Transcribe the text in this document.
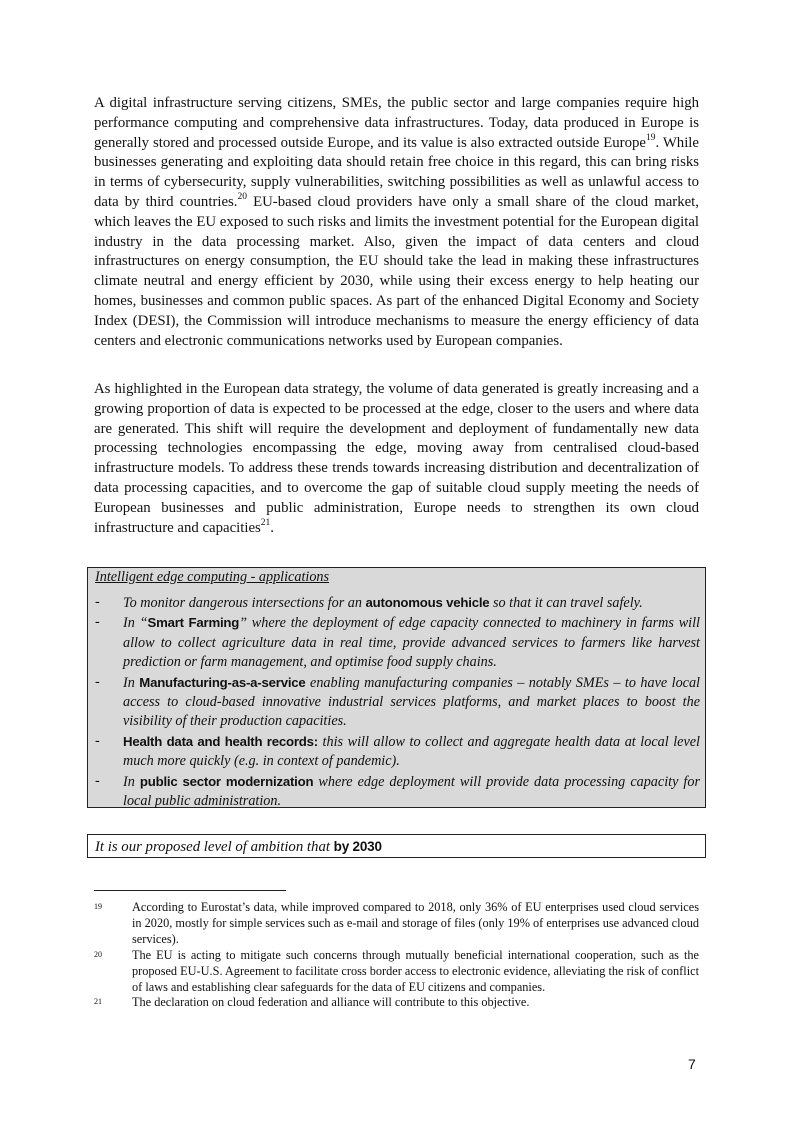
A digital infrastructure serving citizens, SMEs, the public sector and large companies require high performance computing and comprehensive data infrastructures. Today, data produced in Europe is generally stored and processed outside Europe, and its value is also extracted outside Europe$^{19}$. While businesses generating and exploiting data should retain free choice in this regard, this can bring risks in terms of cybersecurity, supply vulnerabilities, switching possibilities as well as unlawful access to data by third countries.$^{20}$ EU-based cloud providers have only a small share of the cloud market, which leaves the EU exposed to such risks and limits the investment potential for the European digital industry in the data processing market. Also, given the impact of data centers and cloud infrastructures on energy consumption, the EU should take the lead in making these infrastructures climate neutral and energy efficient by 2030, while using their excess energy to help heating our homes, businesses and common public spaces. As part of the enhanced Digital Economy and Society Index (DESI), the Commission will introduce mechanisms to measure the energy efficiency of data centers and electronic communications networks used by European companies.

As highlighted in the European data strategy, the volume of data generated is greatly increasing and a growing proportion of data is expected to be processed at the edge, closer to the users and where data are generated. This shift will require the development and deployment of fundamentally new data processing technologies encompassing the edge, moving away from centralised cloud-based infrastructure models. To address these trends towards increasing distribution and decentralization of data processing capacities, and to overcome the gap of suitable cloud supply meeting the needs of European businesses and public administration, Europe needs to strengthen its own cloud infrastructure and capacities$^{21}$.

Intelligent edge computing - applications
- To monitor dangerous intersections for an autonomous vehicle so that it can travel safely.
- In “Smart Farming” where the deployment of edge capacity connected to machinery in farms will allow to collect agriculture data in real time, provide advanced services to farmers like harvest prediction or farm management, and optimise food supply chains.
- In Manufacturing-as-a-service enabling manufacturing companies – notably SMEs – to have local access to cloud-based innovative industrial services platforms, and market places to boost the visibility of their production capacities.
- Health data and health records: this will allow to collect and aggregate health data at local level much more quickly (e.g. in context of pandemic).
- In public sector modernization where edge deployment will provide data processing capacity for local public administration.
It is our proposed level of ambition that by 2030

19 According to Eurostat’s data, while improved compared to 2018, only 36% of EU enterprises used cloud services in 2020, mostly for simple services such as e-mail and storage of files (only 19% of enterprises use advanced cloud services).

20 The EU is acting to mitigate such concerns through mutually beneficial international cooperation, such as the proposed EU-U.S. Agreement to facilitate cross border access to electronic evidence, alleviating the risk of conflict of laws and establishing clear safeguards for the data of EU citizens and companies.

21 The declaration on cloud federation and alliance will contribute to this objective.

7
